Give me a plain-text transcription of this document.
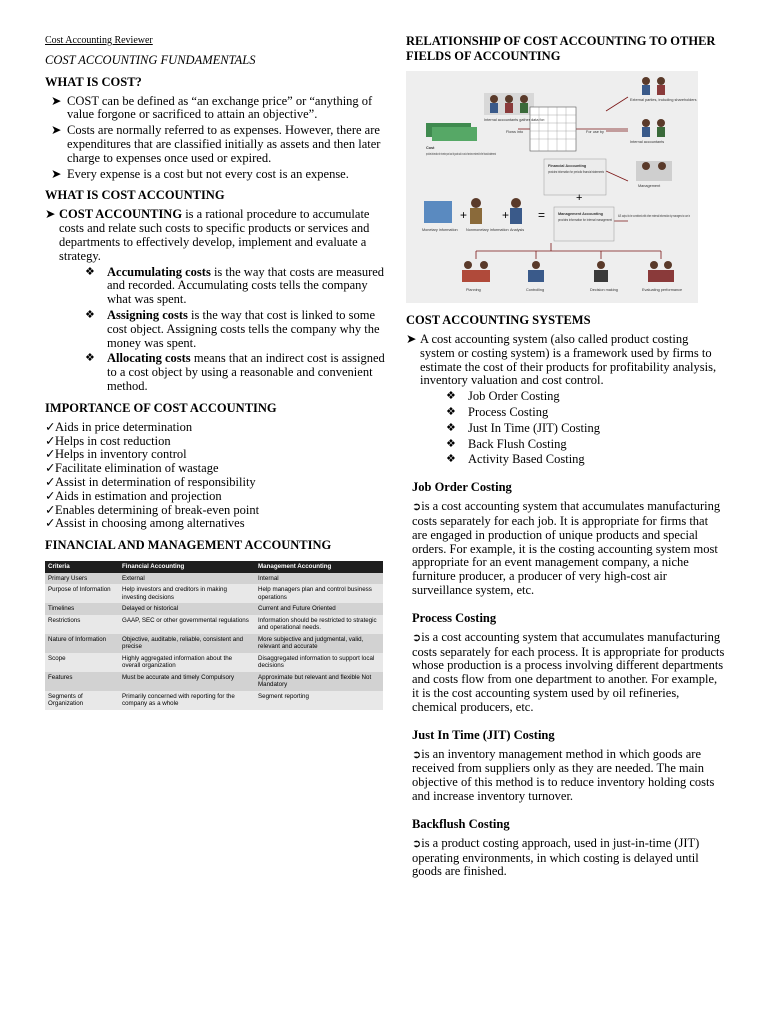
Cost Accounting Reviewer

COST ACCOUNTING FUNDAMENTALS

WHAT IS COST?
➤ COST can be defined as “an exchange price” or “anything of value forgone or sacrificed to attain an objective”.
➤ Costs are normally referred to as expenses. However, there are expenditures that are classified initially as assets and then later charge to expenses once used or expired.
➤ Every expense is a cost but not every cost is an expense.
WHAT IS COST ACCOUNTING
➤ COST ACCOUNTING is a rational procedure to accumulate costs and relate such costs to specific products or services and departments to effectively develop, implement and evaluate a strategy.
❖ Accumulating costs is the way that costs are measured and recorded. Accumulating costs tells the company what was spent.
❖ Assigning costs is the way that cost is linked to some cost object. Assigning costs tells the company why the money was spent.
❖ Allocating costs means that an indirect cost is assigned to a cost object by using a reasonable and convenient method.
IMPORTANCE OF COST ACCOUNTING
✓ Aids in price determination
✓ Helps in cost reduction
✓ Helps in inventory control
✓ Facilitate elimination of wastage
✓ Assist in determination of responsibility
✓ Aids in estimation and projection
✓ Enables determining of break-even point
✓ Assist in choosing among alternatives
FINANCIAL AND MANAGEMENT ACCOUNTING
Criteria	Financial Accounting	Management Accounting
Primary Users	External	Internal
Purpose of Information	Help investors and creditors in making investing decisions	Help managers plan and control business operations
Timelines	Delayed or historical	Current and Future Oriented
Restrictions	GAAP, SEC or other governmental regulations	Information should be restricted to strategic and operational needs.
Nature of Information	Objective, auditable, reliable, consistent and precise	More subjective and judgmental, valid, relevant and accurate
Scope	Highly aggregated information about the overall organization	Disaggregated information to support local decisions
Features	Must be accurate and timely Compulsory	Approximate but relevant and flexible Not Mandatory
Segments of Organization	Primarily concerned with reporting for the company as a whole	Segment reporting
RELATIONSHIP OF COST ACCOUNTING TO OTHER FIELDS OF ACCOUNTING
+	+ =
+
External parties, including shareholders
Internal accountants gather data for:
Flows into	For use by
Internal accountants
Cost
provides information for inventory and cost of goods sold or cost of services rendered for the financial statements
Financial Accounting
provides information for periodic financial statements
Management
Management Accounting
provides information for internal management
AIS output to be combined with other external information by managers to use in
Monetary information Nonmonetary information Analysis
Planning	Controlling	Decision making	Evaluating performance
COST ACCOUNTING SYSTEMS
➤ A cost accounting system (also called product costing system or costing system) is a framework used by firms to estimate the cost of their products for profitability analysis, inventory valuation and cost control.
❖ Job Order Costing
❖ Process Costing
❖ Just In Time (JIT) Costing
❖ Back Flush Costing
❖ Activity Based Costing
Job Order Costing

➲is a cost accounting system that accumulates manufacturing costs separately for each job. It is appropriate for firms that are engaged in production of unique products and special orders. For example, it is the costing accounting system most appropriate for an event management company, a niche furniture producer, a producer of very high-cost air surveillance system, etc.

Process Costing

➲is a cost accounting system that accumulates manufacturing costs separately for each process. It is appropriate for products whose production is a process involving different departments and costs flow from one department to another. For example, it is the cost accounting system used by oil refineries, chemical producers, etc.

Just In Time (JIT) Costing

➲is an inventory management method in which goods are received from suppliers only as they are needed. The main objective of this method is to reduce inventory holding costs and increase inventory turnover.

Backflush Costing

➲is a product costing approach, used in just-in-time (JIT) operating environments, in which costing is delayed until goods are finished.
